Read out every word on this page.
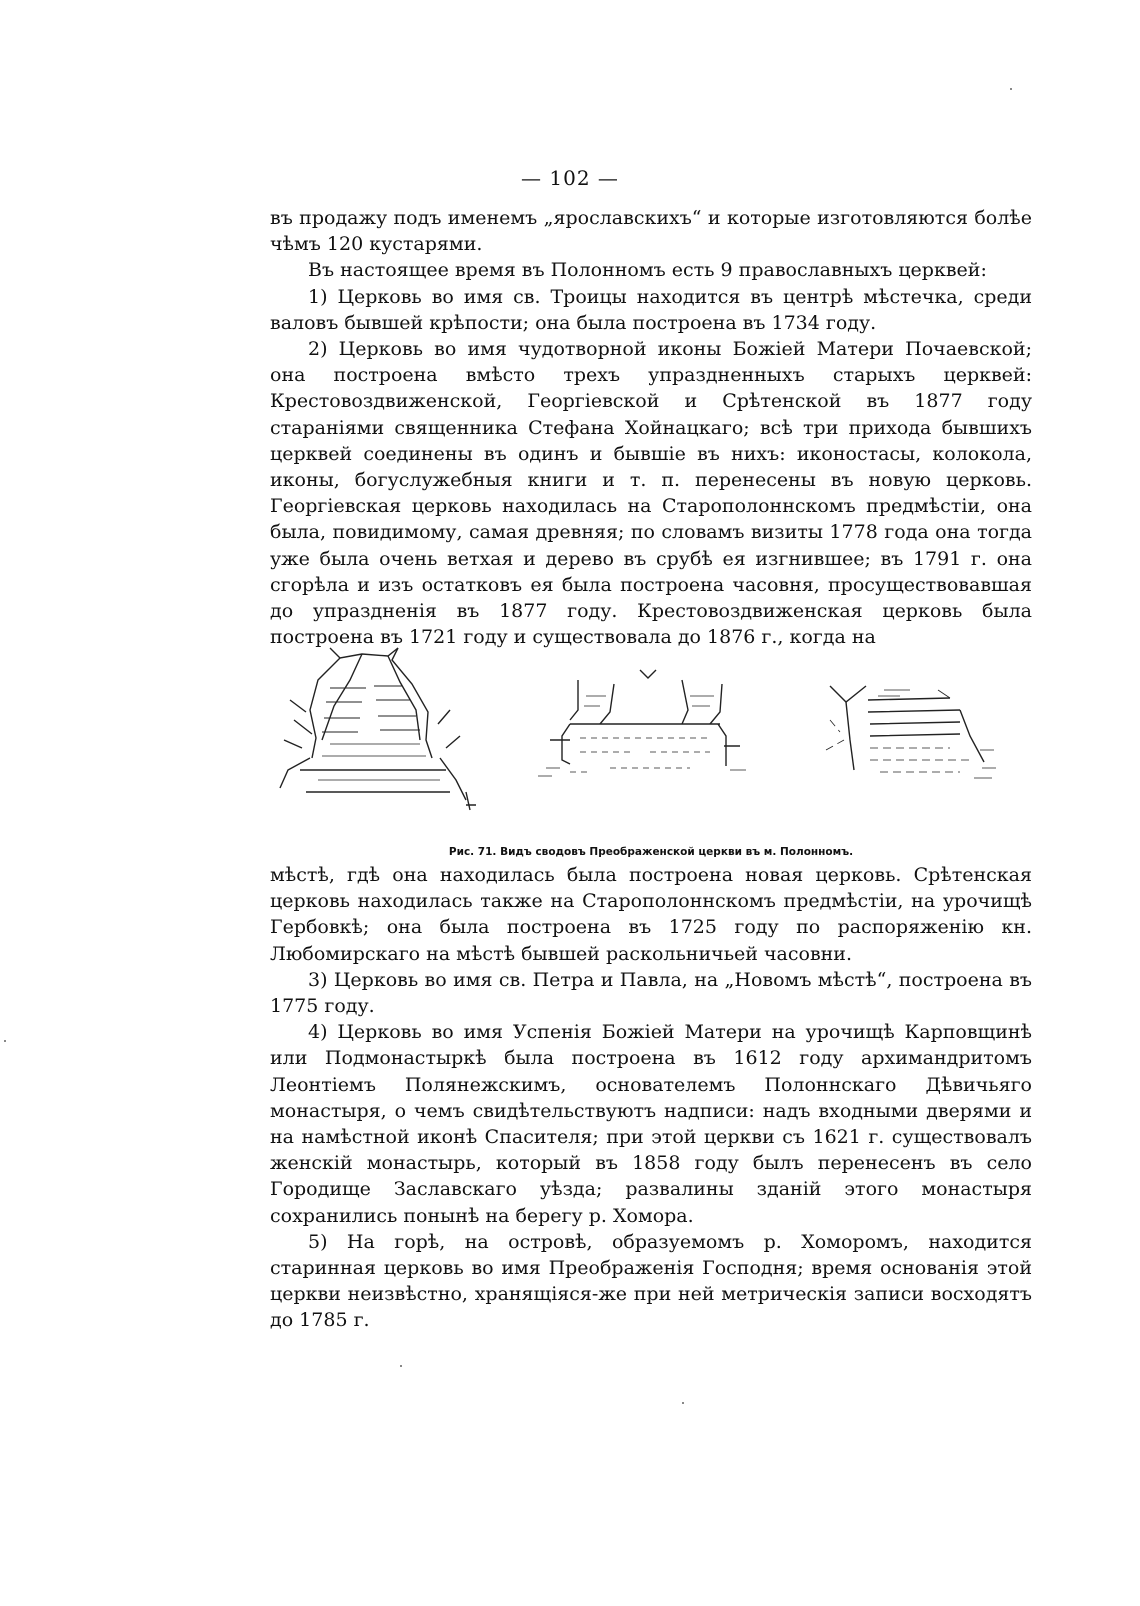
— 102 —

въ продажу подъ именемъ „ярославскихъ“ и которые изготовляются болѣе чѣмъ 120 кустарями.

Въ настоящее время въ Полонномъ есть 9 православныхъ церквей:

1) Церковь во имя св. Троицы находится въ центрѣ мѣстечка, среди валовъ бывшей крѣпости; она была построена въ 1734 году.

2) Церковь во имя чудотворной иконы Божіей Матери Почаевской; она построена вмѣсто трехъ упраздненныхъ старыхъ церквей: Крестовоздвиженской, Георгіевской и Срѣтенской въ 1877 году стараніями священника Стефана Хойнацкаго; всѣ три прихода бывшихъ церквей соединены въ одинъ и бывшіе въ нихъ: иконостасы, колокола, иконы, богуслужебныя книги и т. п. перенесены въ новую церковь. Георгіевская церковь находилась на Старополоннскомъ предмѣстіи, она была, повидимому, самая древняя; по словамъ визиты 1778 года она тогда уже была очень ветхая и дерево въ срубѣ ея изгнившее; въ 1791 г. она сгорѣла и изъ остатковъ ея была построена часовня, просуществовавшая до упраздненія въ 1877 году. Крестовоздвиженская церковь была построена въ 1721 году и существовала до 1876 г., когда на

Рис. 71. Видъ сводовъ Преображенской церкви въ м. Полонномъ.

мѣстѣ, гдѣ она находилась была построена новая церковь. Срѣтенская церковь находилась также на Старополоннскомъ предмѣстіи, на урочищѣ Гербовкѣ; она была построена въ 1725 году по распоряженію кн. Любомирскаго на мѣстѣ бывшей раскольничьей часовни.

3) Церковь во имя св. Петра и Павла, на „Новомъ мѣстѣ“, построена въ 1775 году.

4) Церковь во имя Успенія Божіей Матери на урочищѣ Карповщинѣ или Подмонастыркѣ была построена въ 1612 году архимандритомъ Леонтіемъ Полянежскимъ, основателемъ Полоннскаго Дѣвичьяго монастыря, о чемъ свидѣтельствуютъ надписи: надъ входными дверями и на намѣстной иконѣ Спасителя; при этой церкви съ 1621 г. существовалъ женскій монастырь, который въ 1858 году былъ перенесенъ въ село Городище Заславскаго уѣзда; развалины зданій этого монастыря сохранились понынѣ на берегу р. Хомора.

5) На горѣ, на островѣ, образуемомъ р. Хоморомъ, находится старинная церковь во имя Преображенія Господня; время основанія этой церкви неизвѣстно, хранящіяся-же при ней метрическія записи восходятъ до 1785 г.
